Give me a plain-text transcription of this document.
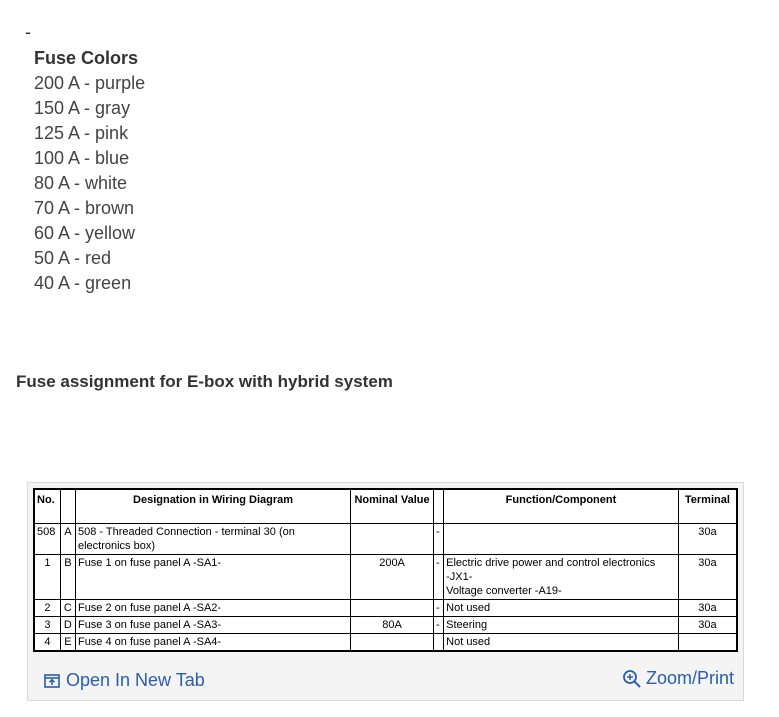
-
Fuse Colors
200 A - purple
150 A - gray
125 A - pink
100 A - blue
80 A - white
70 A - brown
60 A - yellow
50 A - red
40 A - green
Fuse assignment for E-box with hybrid system
No.		Designation in Wiring Diagram	Nominal Value		Function/Component	Terminal
508	A	508 - Threaded Connection - terminal 30 (on electronics box)		-		30a
1	B	Fuse 1 on fuse panel A -SA1-	200A	-	Electric drive power and control electronics
-JX1-
Voltage converter -A19-	30a
2	C	Fuse 2 on fuse panel A -SA2-		-	Not used	30a
3	D	Fuse 3 on fuse panel A -SA3-	80A	-	Steering	30a
4	E	Fuse 4 on fuse panel A -SA4-			Not used	

Open In New Tab	Zoom/Print
